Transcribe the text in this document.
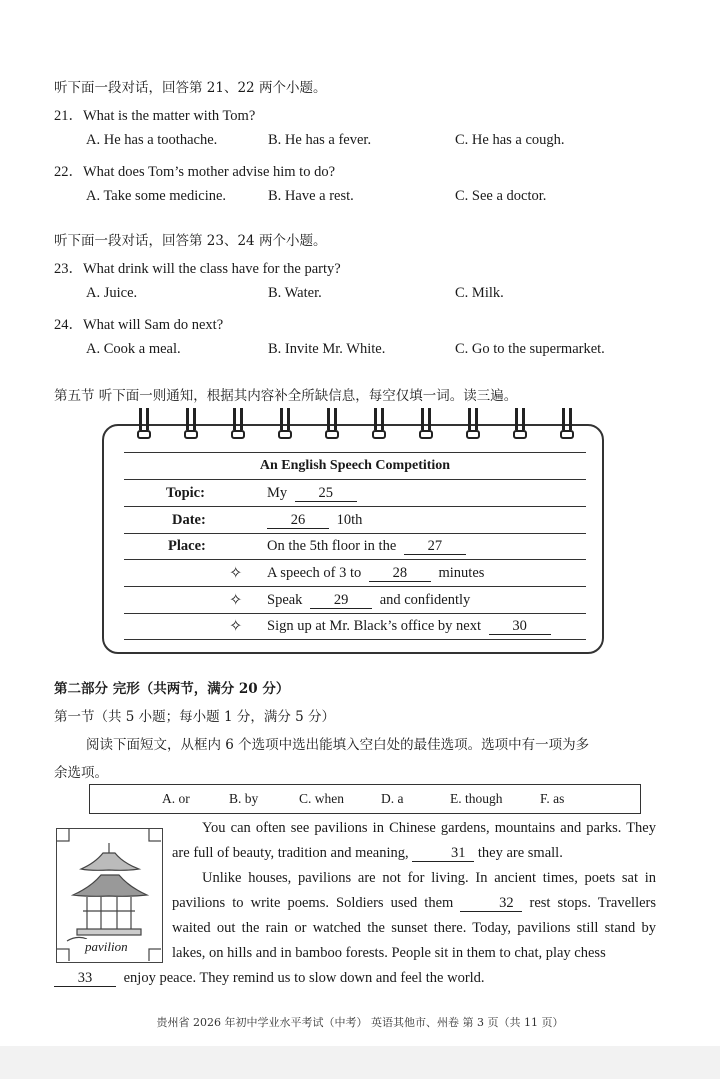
听下面一段对话，回答第 21、22 两个小题。
21．What is the matter with Tom?
A. He has a toothache.	B. He has a fever.	C. He has a cough.
22．What does Tom’s mother advise him to do?
A. Take some medicine.	B. Have a rest.	C. See a doctor.
听下面一段对话，回答第 23、24 两个小题。
23．What drink will the class have for the party?
A. Juice.	B. Water.	C. Milk.
24．What will Sam do next?
A. Cook a meal.	B. Invite Mr. White.	C. Go to the supermarket.
第五节 听下面一则通知，根据其内容补全所缺信息，每空仅填一词。读三遍。
An English Speech Competition
Topic:	My 25
Date:	26 10th
Place:	On the 5th floor in the 27
✧ A speech of 3 to 28 minutes
✧ Speak 29 and confidently
✧ Sign up at Mr. Black’s office by next 30
第二部分 完形（共两节，满分 20 分）
第一节（共 5 小题；每小题 1 分，满分 5 分）
阅读下面短文，从框内 6 个选项中选出能填入空白处的最佳选项。选项中有一项为多
余选项。
A. or	B. by	C. when	D. a	E. though	F. as
pavilion
You can often see pavilions in Chinese gardens, mountains and parks. They are full of beauty, tradition and meaning,	31 they are small.
Unlike houses, pavilions are not for living. In ancient times, poets sat in pavilions to write poems. Soldiers used them	32 rest stops. Travellers waited out the rain or watched the sunset there. Today, pavilions still stand by lakes, on hills and in bamboo forests. People sit in them to chat, play chess
33 enjoy peace. They remind us to slow down and feel the world.
贵州省 2026 年初中学业水平考试（中考） 英语其他市、州卷 第 3 页（共 11 页）
